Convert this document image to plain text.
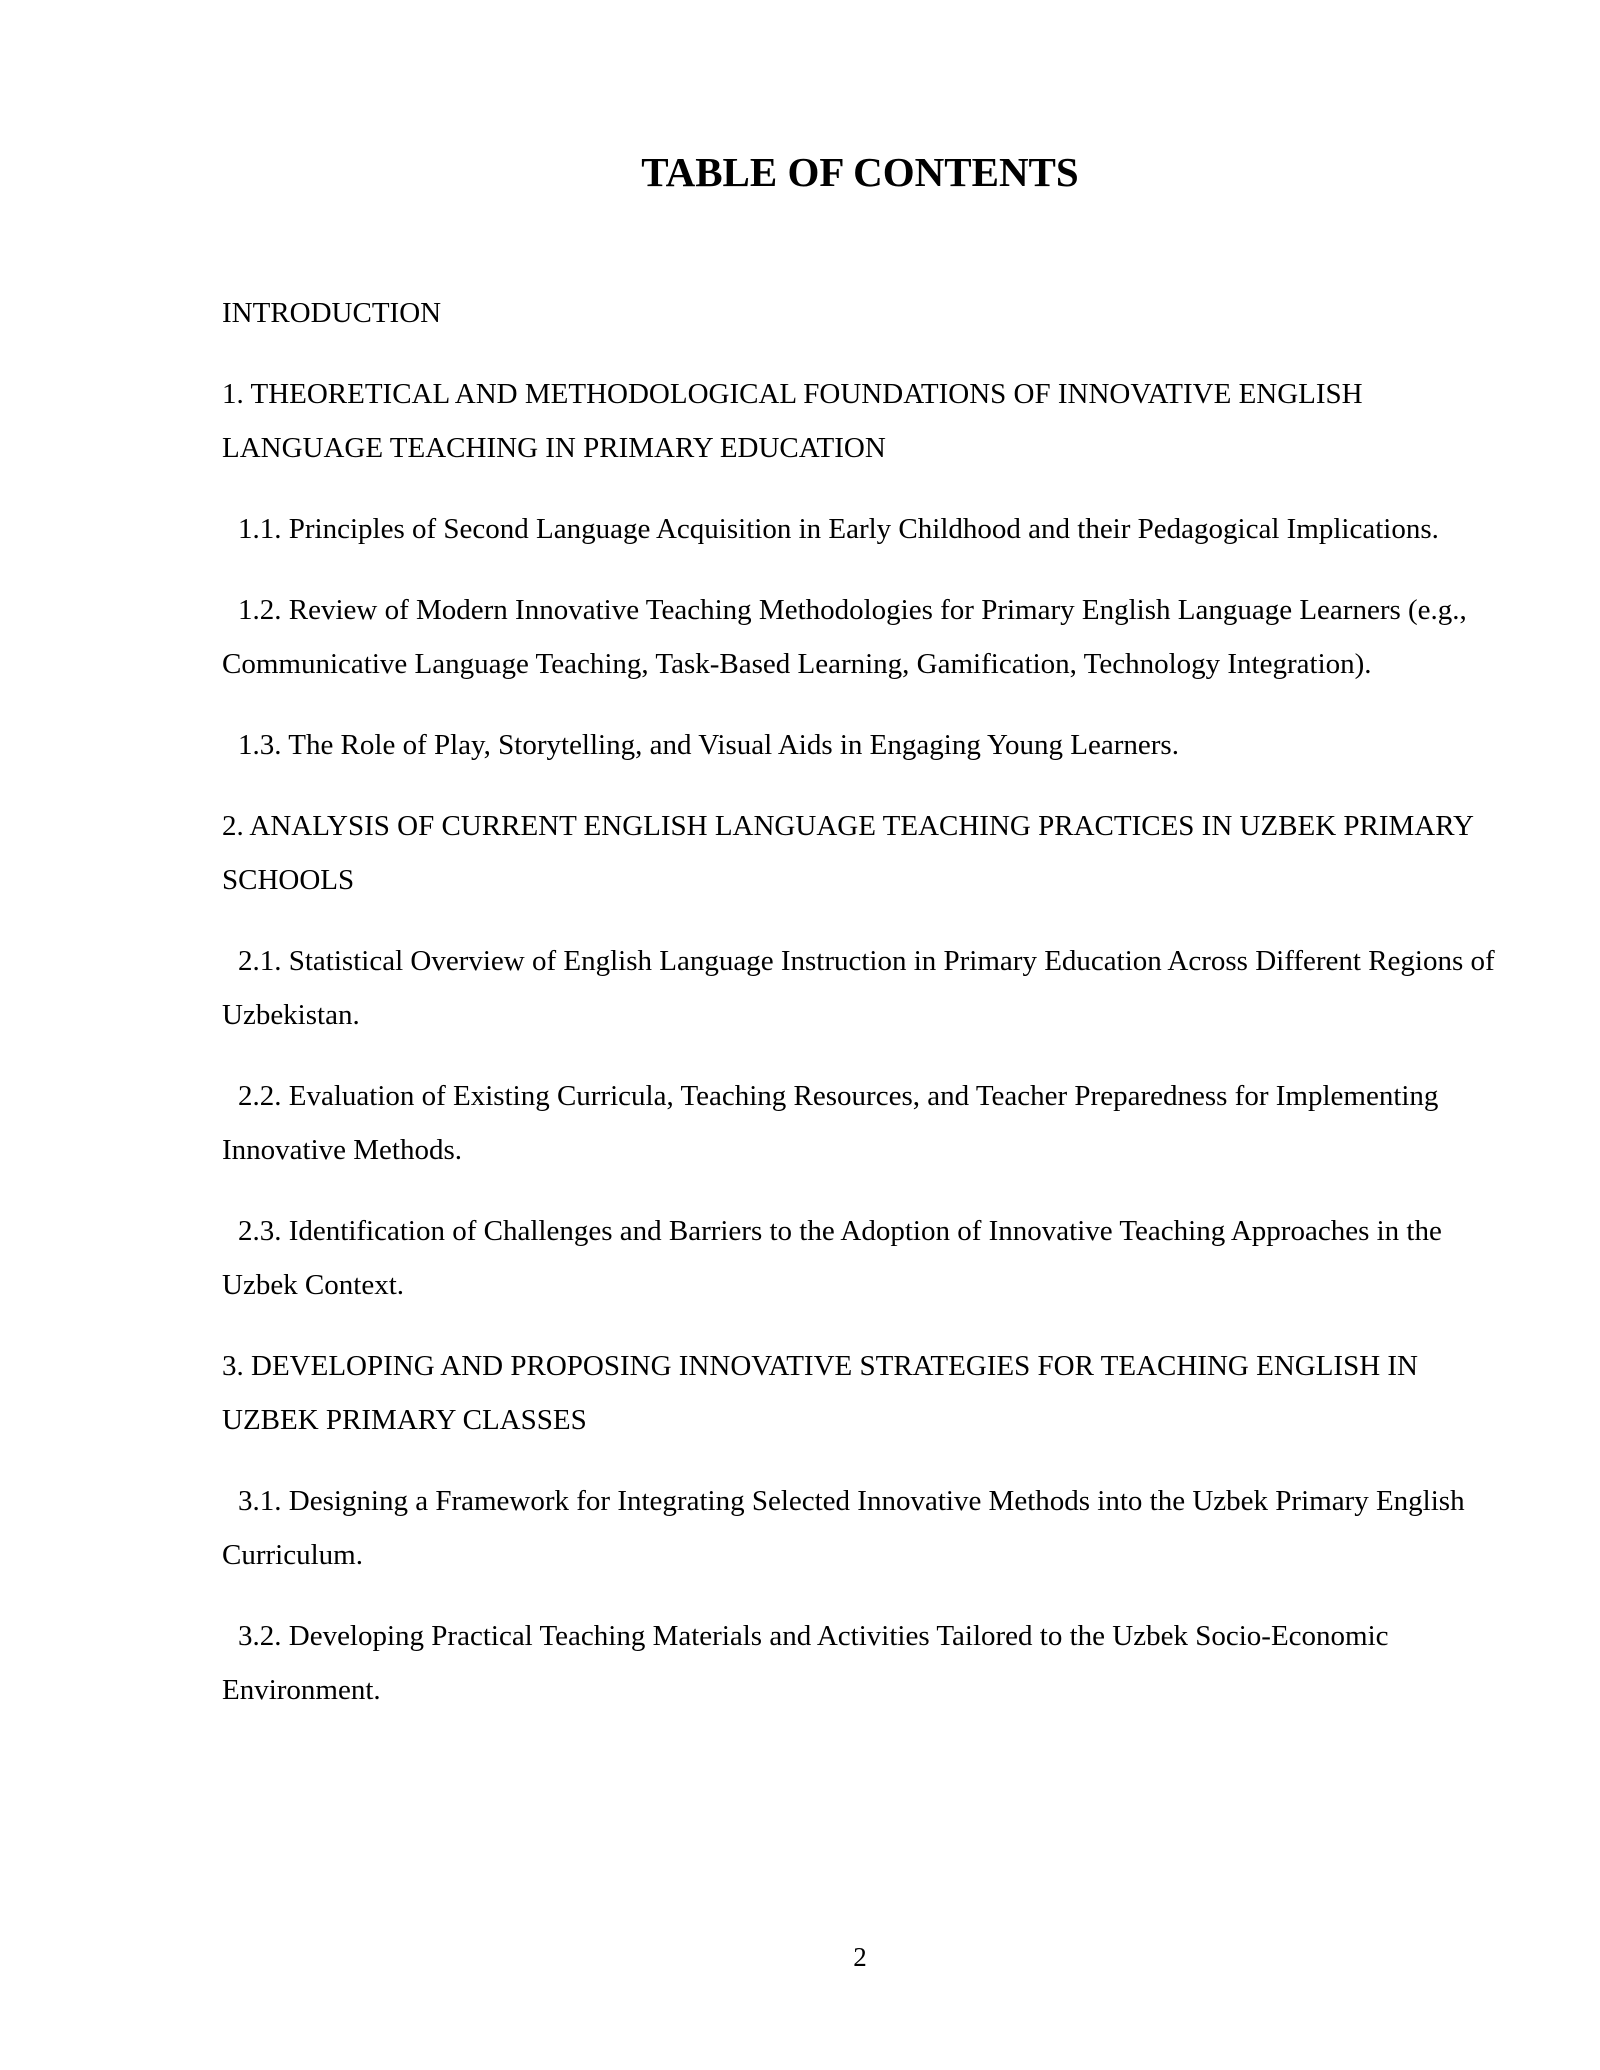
TABLE OF CONTENTS

INTRODUCTION

1. THEORETICAL AND METHODOLOGICAL FOUNDATIONS OF INNOVATIVE ENGLISH LANGUAGE TEACHING IN PRIMARY EDUCATION

1.1. Principles of Second Language Acquisition in Early Childhood and their Pedagogical Implications.

1.2. Review of Modern Innovative Teaching Methodologies for Primary English Language Learners (e.g., Communicative Language Teaching, Task-Based Learning, Gamification, Technology Integration).

1.3. The Role of Play, Storytelling, and Visual Aids in Engaging Young Learners.

2. ANALYSIS OF CURRENT ENGLISH LANGUAGE TEACHING PRACTICES IN UZBEK PRIMARY SCHOOLS

2.1. Statistical Overview of English Language Instruction in Primary Education Across Different Regions of Uzbekistan.

2.2. Evaluation of Existing Curricula, Teaching Resources, and Teacher Preparedness for Implementing Innovative Methods.

2.3. Identification of Challenges and Barriers to the Adoption of Innovative Teaching Approaches in the Uzbek Context.

3. DEVELOPING AND PROPOSING INNOVATIVE STRATEGIES FOR TEACHING ENGLISH IN UZBEK PRIMARY CLASSES

3.1. Designing a Framework for Integrating Selected Innovative Methods into the Uzbek Primary English Curriculum.

3.2. Developing Practical Teaching Materials and Activities Tailored to the Uzbek Socio-Economic Environment.

2
